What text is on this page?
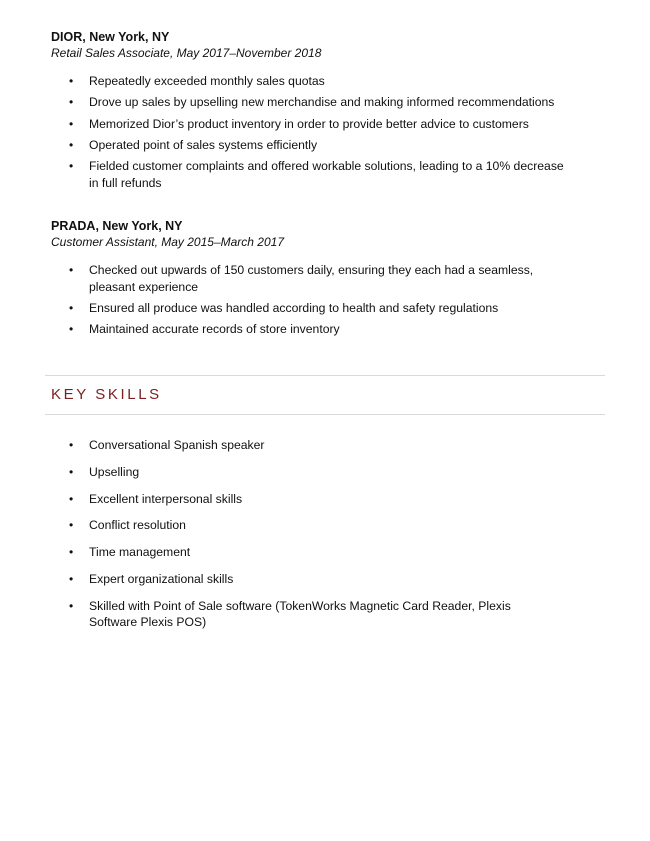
DIOR, New York, NY
Retail Sales Associate, May 2017–November 2018
• Repeatedly exceeded monthly sales quotas
• Drove up sales by upselling new merchandise and making informed recommendations
• Memorized Dior’s product inventory in order to provide better advice to customers
• Operated point of sales systems efficiently
• Fielded customer complaints and offered workable solutions, leading to a 10% decrease in full refunds
PRADA, New York, NY
Customer Assistant, May 2015–March 2017
• Checked out upwards of 150 customers daily, ensuring they each had a seamless, pleasant experience
• Ensured all produce was handled according to health and safety regulations
• Maintained accurate records of store inventory
KEY SKILLS
• Conversational Spanish speaker
• Upselling
• Excellent interpersonal skills
• Conflict resolution
• Time management
• Expert organizational skills
• Skilled with Point of Sale software (TokenWorks Magnetic Card Reader, Plexis Software Plexis POS)
